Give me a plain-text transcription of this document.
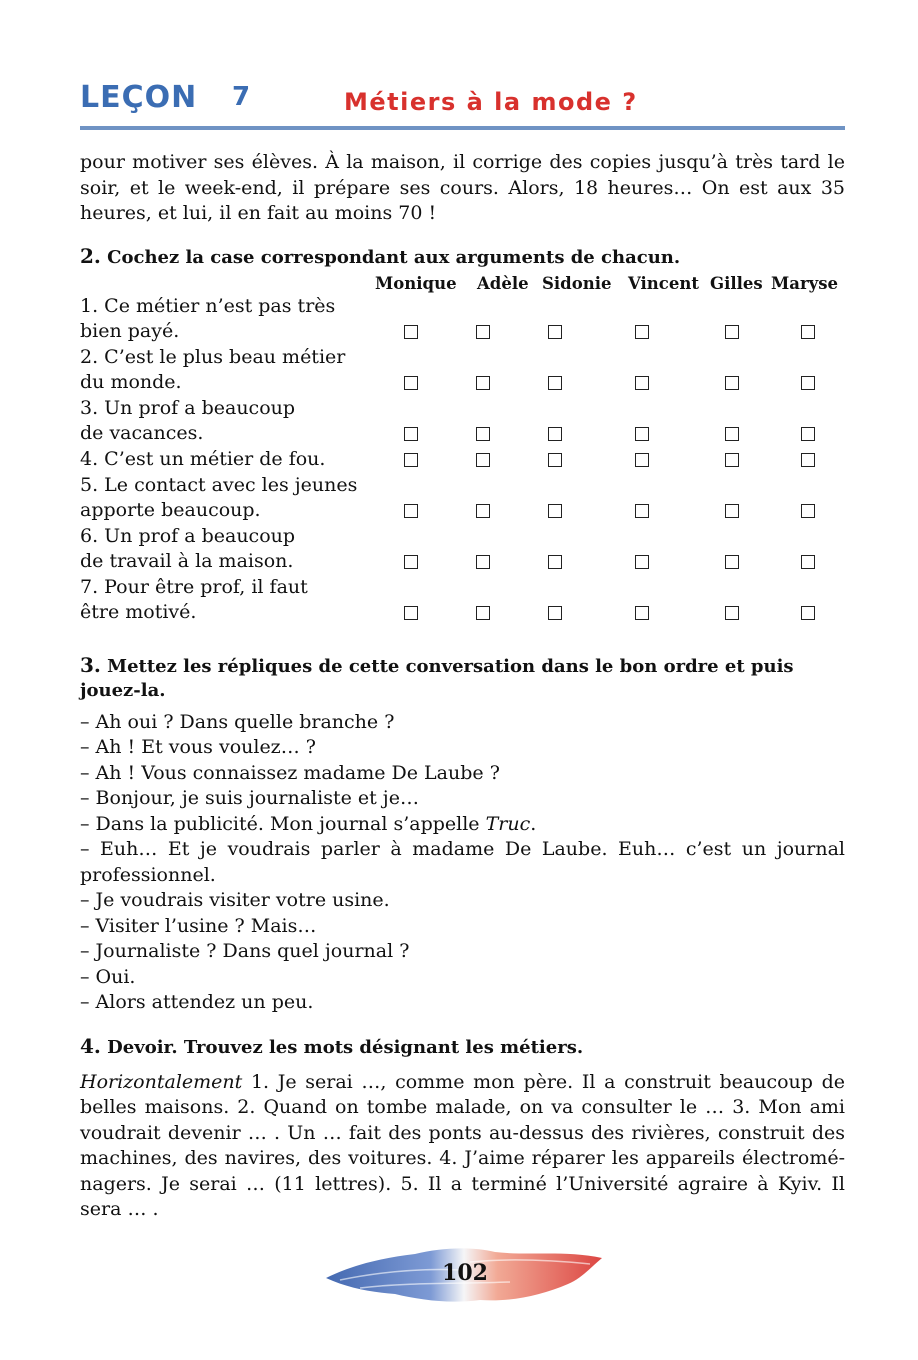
LEÇON 7	Métiers à la mode ?

pour motiver ses élèves. À la maison, il corrige des copies jusqu’à très tard le soir, et le week-end, il prépare ses cours. Alors, 18 heures… On est aux 35 heures, et lui, il en fait au moins 70 !

2. Cochez la case correspondant aux arguments de chacun.
Monique Adèle Sidonie Vincent Gilles Maryse
1. Ce métier n’est pas très
bien payé.
2. C’est le plus beau métier
du monde.
3. Un prof a beaucoup
de vacances.
4. C’est un métier de fou.
5. Le contact avec les jeunes
apporte beaucoup.
6. Un prof a beaucoup
de travail à la maison.
7. Pour être prof, il faut
être motivé.
3. Mettez les répliques de cette conversation dans le bon ordre et puis jouez-la.
– Ah oui ? Dans quelle branche ?
– Ah ! Et vous voulez… ?
– Ah ! Vous connaissez madame De Laube ?
– Bonjour, je suis journaliste et je…
– Dans la publicité. Mon journal s’appelle Truc.
– Euh… Et je voudrais parler à madame De Laube. Euh… c’est un journal professionnel.
– Je voudrais visiter votre usine.
– Visiter l’usine ? Mais…
– Journaliste ? Dans quel journal ?
– Oui.
– Alors attendez un peu.
4. Devoir. Trouvez les mots désignant les métiers.

Horizontalement 1. Je serai …, comme mon père. Il a construit beaucoup de belles maisons. 2. Quand on tombe malade, on va consulter le … 3. Mon ami voudrait devenir … . Un … fait des ponts au-dessus des rivières, construit des machines, des navires, des voitures. 4. J’aime réparer les appareils électroménagers. Je serai … (11 lettres). 5. Il a terminé l’Université agraire à Kyiv. Il sera … .

102
